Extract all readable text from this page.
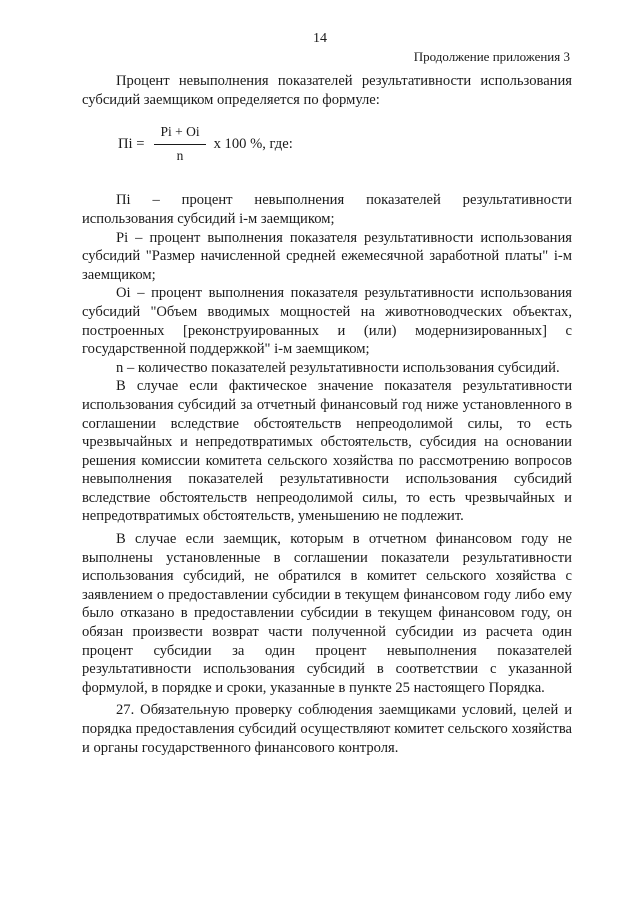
14
Продолжение приложения 3

Процент невыполнения показателей результативности использования субсидий заемщиком определяется по формуле:

Пi = $\frac{Pi + Oi}{n}$ x 100 %, где:

Пi – процент невыполнения показателей результативности использования субсидий i-м заемщиком;

Pi – процент выполнения показателя результативности использования субсидий "Размер начисленной средней ежемесячной заработной платы" i-м заемщиком;

Oi – процент выполнения показателя результативности использования субсидий "Объем вводимых мощностей на животноводческих объектах, построенных [реконструированных и (или) модернизированных] с государственной поддержкой" i-м заемщиком;

n – количество показателей результативности использования субсидий.

В случае если фактическое значение показателя результативности использования субсидий за отчетный финансовый год ниже установленного в соглашении вследствие обстоятельств непреодолимой силы, то есть чрезвычайных и непредотвратимых обстоятельств, субсидия на основании решения комиссии комитета сельского хозяйства по рассмотрению вопросов невыполнения показателей результативности использования субсидий вследствие обстоятельств непреодолимой силы, то есть чрезвычайных и непредотвратимых обстоятельств, уменьшению не подлежит.

В случае если заемщик, которым в отчетном финансовом году не выполнены установленные в соглашении показатели результативности использования субсидий, не обратился в комитет сельского хозяйства с заявлением о предоставлении субсидии в текущем финансовом году либо ему было отказано в предоставлении субсидии в текущем финансовом году, он обязан произвести возврат части полученной субсидии из расчета один процент субсидии за один процент невыполнения показателей результативности использования субсидий в соответствии с указанной формулой, в порядке и сроки, указанные в пункте 25 настоящего Порядка.

27. Обязательную проверку соблюдения заемщиками условий, целей и порядка предоставления субсидий осуществляют комитет сельского хозяйства и органы государственного финансового контроля.
